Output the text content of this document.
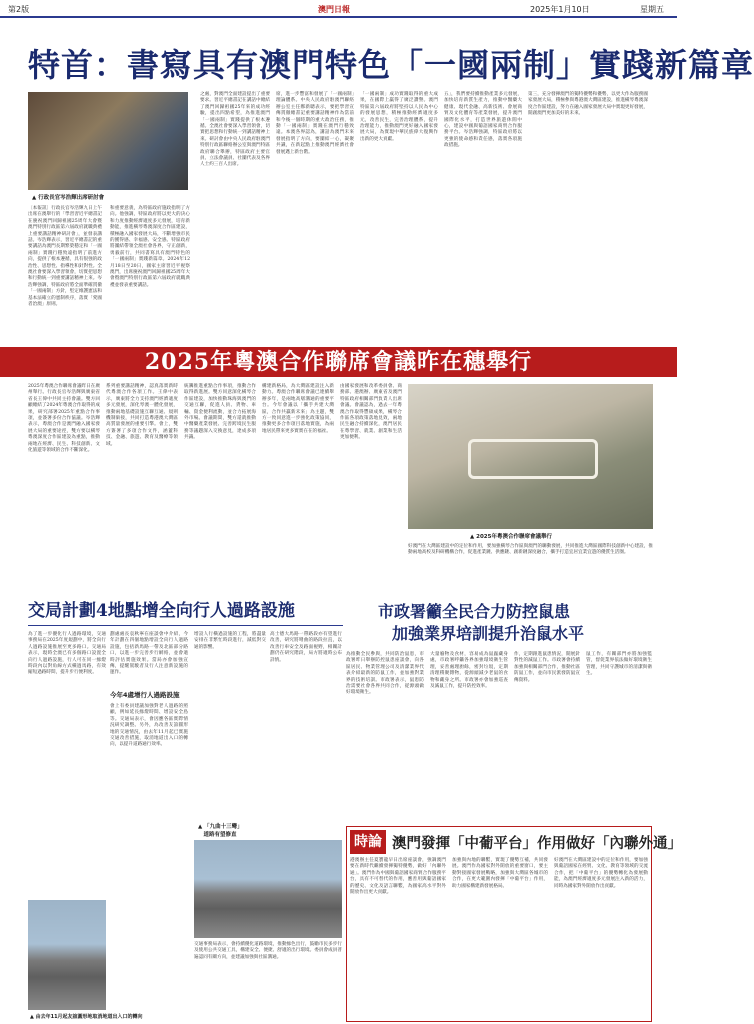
第2版	澳門日報	2025年1月10日	星期五
特首：書寫具有澳門特色「一國兩制」實踐新篇章
▲ 行政長官岑浩輝出席研討會
〔本報訊〕行政長官岑浩輝九日上午出席在澳舉行的「學習習近平總書記在慶祝澳門回歸祖國25周年大會暨澳門特別行政區第六屆政府就職典禮上重要講話精神研討會」，並發表講話。岑浩輝表示，習近平總書記的重要講話為澳門長期繁榮穩定和「一國兩制」實踐行穩致遠指明了前進方向，提供了根本遵循，具有很強的政治性、思想性、指導性和針對性。全澳社會要深入學習領會，切實把思想和行動統一到重要講話精神上來。岑浩輝強調，特區政府將全面準確貫徹「一國兩制」方針，堅定維護憲法和基本法確立的憲制秩序，落實「愛國者治澳」原則。
和重要意義，為特區政府施政指明了方向。他強調，特區政府將以更大的決心和力度推動經濟適度多元發展，培育新動能，推進橫琴粵澳深度合作區建設，積極融入國家發展大局，不斷增強市民的獲得感、幸福感、安全感。特區政府將團結帶領全澳社會各界，守正創新，勇毅前行，共同書寫具有澳門特色的「一國兩制」實踐新篇章。2024年12月18日至20日，國家主席習近平視察澳門，出席慶祝澳門回歸祖國25周年大會暨澳門特別行政區第六屆政府就職典禮並發表重要講話。
之處，對澳門全面建設提出了重要要求。習近平總書記在講話中總結了澳門回歸祖國25年來的成功經驗，提出四點希望，為推進澳門「一國兩制」實踐提供了根本遵循。全澳社會要深入學習領會，切實把思想和行動統一到講話精神上來。研討會由中央人民政府駐澳門特別行政區聯絡辦公室與澳門特區政府聯合舉辦，特區政府主要官員、立法會議員、社團代表及各界人士約三百人出席。
席，進一步豐富和發展了「一國兩制」理論體系。中央人民政府駐澳門聯絡辦公室主任鄭新聰表示，要把學習宣傳貫徹總書記重要講話精神作為當前和今後一個時期的重大政治任務，推動「一國兩制」實踐在澳門行穩致遠。本澳各界認為，講話為澳門未來發展指明了方向，要團結一心，凝聚共識，在新起點上推動澳門經濟社會發展邁上新台階。
「一國兩制」成功實踐取得的重大成果，在國際上贏得了廣泛讚譽。澳門特區第六屆政府將堅持以人民為中心的發展思想，積極推動經濟適度多元，改善民生，完善治理體系，提升治理能力，推動澳門更好融入國家發展大局，為實現中華民族偉大復興作出新的更大貢獻。
五」，我們要持續推動產業多元發展，加快培育新質生產力，推動中醫藥大健康、現代金融、高新技術、會展商貿及文化體育等產業發展，提升澳門國際化水平，打造世界旅遊休閒中心，建設中國與葡語國家商貿合作服務平台。岑浩輝強調，特區政府將以更強的使命感和責任感，落實各項施政措施。
第三，充分發揮澳門的獨特優勢和優勢，以更大作為服務國家發展大局，積極參與粵港澳大灣區建設，推進橫琴粵澳深度合作區建設，努力在融入國家發展大局中實現更好發展，開創澳門更加美好的未來。
2025年粵澳合作聯席會議昨在穗舉行
2025年粵澳合作聯席會議昨日在廣州舉行。行政長官岑浩輝與廣東省省長王偉中共同主持會議。雙方回顧總結了2024年粵澳合作取得的成果，研究部署2025年重點合作事項，並簽署多份合作協議。岑浩輝表示，粵澳合作是澳門融入國家發展大局的重要途徑，雙方要以橫琴粵澳深度合作區建設為重點，推動兩地在經濟、民生、科技創新、文化旅遊等領域的合作不斷深化。
系列重要講話精神，認真落實新時代粵澳合作各項工作。王偉中表示，廣東將全力支持澳門經濟適度多元發展，深化琴澳一體化發展，推動兩地基礎設施互聯互通、規則機制銜接，共同打造粵港澳大灣區高質量發展的重要引擎。會上，雙方簽署了多項合作文件，涵蓋科技、金融、旅遊、教育及醫療等領域。
統籌推進重點合作事項，推動合作取得新進展。雙方同意深化橫琴合作區建設，加快推動珠海與澳門的交通互聯，促進人員、貨物、車輛、資金便利流動，並合力拓展海外市場。會議期間，雙方還就推動中醫藥產業發展、完善跨境民生服務等議題深入交換意見，達成多項共識。
構建新格局，為大灣區建設注入新動力。粵澳合作聯席會議已連續舉辦多年，是兩地高層溝通的重要平台。今年會議以「攜手共建大灣區，合作共贏新未來」為主題，雙方一致同意進一步強化政策協同，推動更多合作項目落地實施，為兩地居民帶來更多實實在在的福祉。
由國家發展和改革委員會、商務部、港澳辦、廣東省及澳門特區政府相關部門負責人出席會議。會議認為，過去一年粵澳合作取得豐碩成果，橫琴合作區各項政策落地見效，兩地民生融合持續深化，澳門居民在粵學習、就業、創業和生活更加便利。
▲ 2025年粵澳合作聯席會議舉行
好澳門在大灣區建設中的定位和作用，要加強橫琴合作區與澳門的聯動發展，共同推進大灣區國際科技創新中心建設，推動兩地高校及科研機構合作，促進產業鏈、供應鏈、創新鏈深度融合，攜手打造宜居宜業宜遊的優質生活圈。
交局計劃4地點增全向行人過路設施
為了進一步優化行人過路環境，交通事務局在2025年度規劃中，將全向行人過路設施推展至更多路口。交通局表示，現時全澳已有多個路口設置全向行人過路設施，行人可在同一綠燈時段內以對角線方式橫過馬路，有效縮短過路時間，提升步行便利度。
劃處處長袁秋寧在座談會中介紹，今年計劃在四個地點增設全向行人過路設施，包括新馬路一帶及北區部分路口，以進一步完善步行網絡，並會適時評估實施效果。當局亦會加強宣傳，提醒駕駛者及行人注意新設施的運作。
今年4處增行人過路設施
會上有委員建議加強對老人過路的照顧，例如延長綠燈時間、增設安全島等。交通局表示，會因應各區實際情況研究調整。另外，為改善友誼圓形地的交通情況，由去年11月起已實施交通改善措施，取消地道出入口的轉向，以提升道路通行效率。
增設人行橫過設施的工程，將盡量安排在非繁忙時段進行，減低對交通的影響。
高士德大馬路一帶路段亦有望進行改善，研究將彎曲的路段拉直，以改善行車安全及路面視野，相關計劃仍在研究階段，局方將適時公布詳情。
▲ 「九曲十三彎」
　道路有望修直
交通事務局表示，會持續優化道路環境，推動綠色出行，鼓勵市民多步行及使用公共交通工具，構建安全、便捷、舒適的出行環境。委員會成員普遍認同有關方向，並建議加強與社區溝通。
▲ 由去年11月起友誼圓形地取消地道出入口的轉向
市政署籲全民合力防控鼠患
加強業界培訓提升治鼠水平
為推動全民參與，共同防治鼠患，市政署昨日舉辦防控鼠患座談會，向各區居民、物業管理公司及清潔業界代表介紹最新的防鼠工作，並加強對業界的技術培訓。市政署表示，鼠患防治需要社會各界共同合作，從源頭做好環境衛生。
大量廢物及食材，容易成為鼠蟲藏身處，市政署呼籲各界加強環境衛生管理，妥善處理廚餘，密封垃圾，定期清理積聚雜物，從源頭減少老鼠的食物和藏身之所。市政署亦會加強巡查及滅鼠工作，提升防控效率。
作，定期跟進鼠患情況，開展針對性的滅鼠工作。市政署會持續加強與相關部門合作，推動社區防鼠工作，並向市民派發防鼠宣傳資料。
鼠工作，有關部門亦將加強監管，督促業界依法做好環境衛生管理，共同守護城市的清潔與衛生。
時論 澳門發揮「中葡平台」作用做好「內聯外通」
港澳辦主任夏寶龍早日出席座談會，強調澳門要在新時代繼續發揮獨特優勢，做好「內聯外通」。澳門作為中國與葡語國家商貿合作服務平台，具有不可替代的作用，應善用與葡語國家的歷史、文化及語言聯繫，為國家高水平對外開放作出更大貢獻。
加強與內地的聯繫，實現了優勢互補，共同發展。澳門作為國家對外開放的重要窗口，要主動對接國家發展戰略，加強與大灣區各城市的合作，在更大範圍內發揮「中葡平台」作用，助力國家構建新發展格局。
好澳門在大灣區建設中的定位和作用，要加強與葡語國家在經貿、文化、教育等領域的交流合作，把「中葡平台」的優勢轉化為發展動能，為澳門經濟適度多元發展注入新的活力，同時為國家對外開放作出貢獻。
